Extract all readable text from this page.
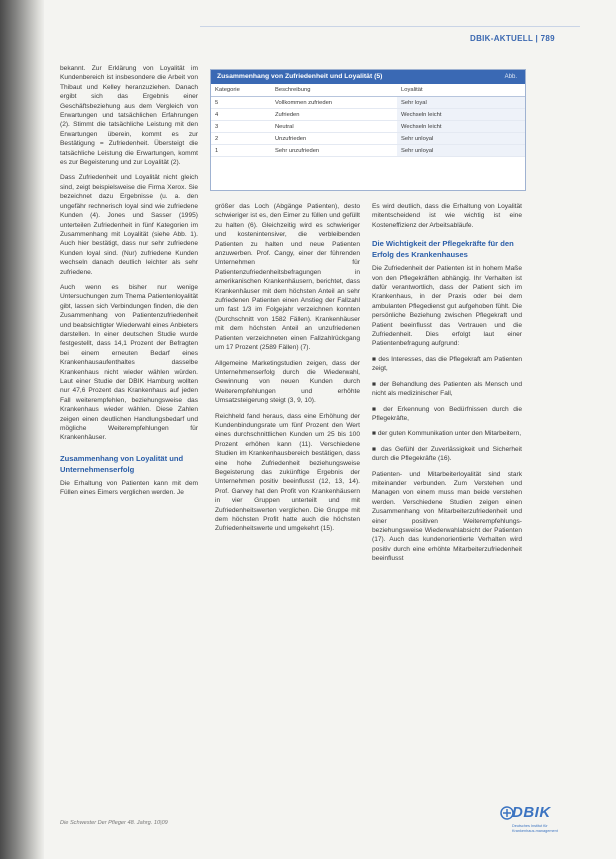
DBIK-AKTUELL | 789

bekannt. Zur Erklärung von Loyalität im Kundenbereich ist insbesondere die Arbeit von Thibaut und Kelley heranzuziehen. Danach ergibt sich das Ergebnis einer Geschäftsbeziehung aus dem Vergleich von Erwartungen und tatsächlichen Erfahrungen (2). Stimmt die tatsächliche Leistung mit den Erwartungen überein, kommt es zur Bestätigung = Zufriedenheit. Übersteigt die tatsächliche Leistung die Erwartungen, kommt es zur Begeisterung und zur Loyalität (2).

Dass Zufriedenheit und Loyalität nicht gleich sind, zeigt beispielsweise die Firma Xerox. Sie bezeichnet dazu Ergebnisse (u. a. den ungefähr rechnerisch loyal sind wie zufriedene Kunden (4). Jones und Sasser (1995) unterteilen Zufriedenheit in fünf Kategorien im Zusammenhang mit Loyalität (siehe Abb. 1). Auch hier bestätigt, dass nur sehr zufriedene Kunden loyal sind. (Nur) zufriedene Kunden wechseln danach deutlich leichter als sehr zufriedene.

Auch wenn es bisher nur wenige Untersuchungen zum Thema Patientenloyalität gibt, lassen sich Verbindungen finden, die den Zusammenhang von Patientenzufriedenheit und beabsichtigter Wiederwahl eines Anbieters darstellen. In einer deutschen Studie wurde festgestellt, dass 14,1 Prozent der Befragten bei einem erneuten Bedarf eines Krankenhausaufenthaltes dasselbe Krankenhaus nicht wieder wählen würden. Laut einer Studie der DBIK Hamburg wollten nur 47,6 Prozent das Krankenhaus auf jeden Fall weiterempfehlen, beziehungsweise das Krankenhaus wieder wählen. Diese Zahlen zeigen einen deutlichen Handlungsbedarf und mögliche Weiterempfehlungen für Krankenhäuser.

Zusammenhang von Loyalität und Unternehmenserfolg

Die Erhaltung von Patienten kann mit dem Füllen eines Eimers verglichen werden. Je

Zusammenhang von Zufriedenheit und Loyalität (5)	Abb.
Kategorie	Beschreibung	Loyalität
5	Vollkommen zufrieden	Sehr loyal
4	Zufrieden	Wechseln leicht
3	Neutral	Wechseln leicht
2	Unzufrieden	Sehr unloyal
1	Sehr unzufrieden	Sehr unloyal

größer das Loch (Abgänge Patienten), desto schwieriger ist es, den Eimer zu füllen und gefüllt zu halten (6). Gleichzeitig wird es schwieriger und kostenintensiver, die verbleibenden Patienten zu halten und neue Patienten anzuwerben. Prof. Cangy, einer der führenden Unternehmen für Patientenzufriedenheitsbefragungen in amerikanischen Krankenhäusern, berichtet, dass Krankenhäuser mit dem höchsten Anteil an sehr zufriedenen Patienten einen Anstieg der Fallzahl um fast 1/3 im Folgejahr verzeichnen konnten (Durchschnitt von 1582 Fällen). Krankenhäuser mit dem höchsten Anteil an unzufriedenen Patienten verzeichneten einen Fallzahlrückgang um 17 Prozent (2589 Fällen) (7).

Allgemeine Marketingstudien zeigen, dass der Unternehmenserfolg durch die Wiederwahl, Gewinnung von neuen Kunden durch Weiterempfehlungen und erhöhte Umsatzsteigerung steigt (3, 9, 10).

Reichheld fand heraus, dass eine Erhöhung der Kundenbindungsrate um fünf Prozent den Wert eines durchschnittlichen Kunden um 25 bis 100 Prozent erhöhen kann (11). Verschiedene Studien im Krankenhausbereich bestätigen, dass eine hohe Zufriedenheit beziehungsweise Begeisterung das zukünftige Ergebnis der Unternehmen positiv beeinflusst (12, 13, 14). Prof. Garvey hat den Profit von Krankenhäusern in vier Gruppen unterteilt und mit Zufriedenheitswerten verglichen. Die Gruppe mit dem höchsten Profit hatte auch die höchsten Zufriedenheitswerte und umgekehrt (15).

Es wird deutlich, dass die Erhaltung von Loyalität mitentscheidend ist wie wichtig ist eine Kosteneffizienz der Arbeitsabläufe.

Die Wichtigkeit der Pflegekräfte für den Erfolg des Krankenhauses

Die Zufriedenheit der Patienten ist in hohem Maße von den Pflegekräften abhängig. Ihr Verhalten ist dafür verantwortlich, dass der Patient sich im Krankenhaus, in der Praxis oder bei dem ambulanten Pflegedienst gut aufgehoben fühlt. Die persönliche Beziehung zwischen Pflegekraft und Patient beeinflusst das Vertrauen und die Zufriedenheit. Dies erfolgt laut einer Patientenbefragung aufgrund:

■ des Interesses, das die Pflegekraft am Patienten zeigt,

■ der Behandlung des Patienten als Mensch und nicht als medizinischer Fall,

■ der Erkennung von Bedürfnissen durch die Pflegekräfte,

■ der guten Kommunikation unter den Mitarbeitern,

■ das Gefühl der Zuverlässigkeit und Sicherheit durch die Pflegekräfte (16).

Patienten- und Mitarbeiterloyalität sind stark miteinander verbunden. Zum Verstehen und Managen von einem muss man beide verstehen werden. Verschiedene Studien zeigen einen Zusammenhang von Mitarbeiterzufriedenheit und einer positiven Weiterempfehlungs- beziehungsweise Wiederwahlabsicht der Patienten (17). Auch das kundenorientierte Verhalten wird positiv durch eine erhöhte Mitarbeiterzufriedenheit beeinflusst

Die Schwester Der Pfleger 48. Jahrg. 10|09
DBIK
Deutsches Institut für Krankenhaus-management
